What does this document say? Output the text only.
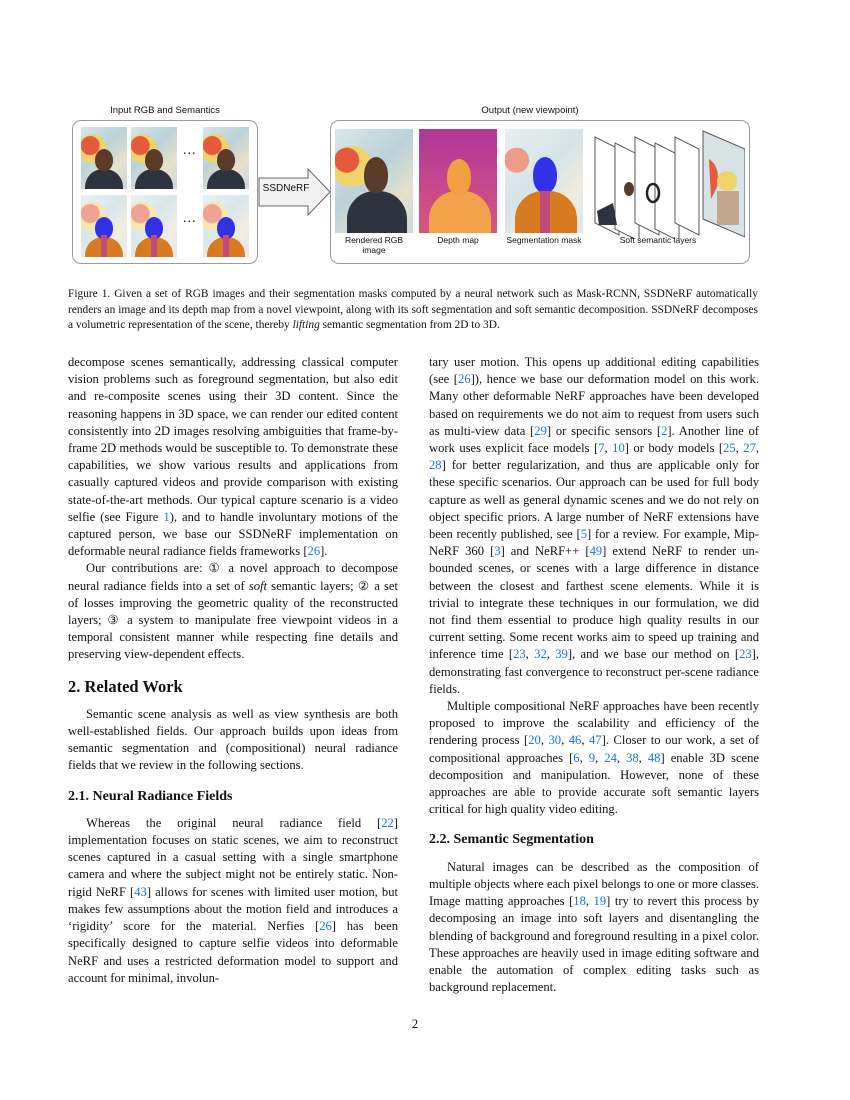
Input RGB and Semantics	Output (new viewpoint)
...
...
SSDNeRF
Rendered RGB image
Depth map	Segmentation mask	Soft semantic layers
Figure 1. Given a set of RGB images and their segmentation masks computed by a neural network such as Mask-RCNN, SSDNeRF automatically renders an image and its depth map from a novel viewpoint, along with its soft segmentation and soft semantic decomposition. SSDNeRF decomposes a volumetric representation of the scene, thereby lifting semantic segmentation from 2D to 3D.

decompose scenes semantically, addressing classical computer vision problems such as foreground segmentation, but also edit and re-composite scenes using their 3D content. Since the reasoning happens in 3D space, we can render our edited content consistently into 2D images resolving ambiguities that frame-by-frame 2D methods would be susceptible to. To demonstrate these capabilities, we show various results and applications from casually captured videos and provide comparison with existing state-of-the-art methods. Our typical capture scenario is a video selfie (see Figure 1), and to handle involuntary motions of the captured person, we base our SSDNeRF implementation on deformable neural radiance fields frameworks [26].

Our contributions are: ① a novel approach to decompose neural radiance fields into a set of soft semantic layers; ② a set of losses improving the geometric quality of the reconstructed layers; ③ a system to manipulate free viewpoint videos in a temporal consistent manner while respecting fine details and preserving view-dependent effects.

2. Related Work

Semantic scene analysis as well as view synthesis are both well-established fields. Our approach builds upon ideas from semantic segmentation and (compositional) neural radiance fields that we review in the following sections.

2.1. Neural Radiance Fields

Whereas the original neural radiance field [22] implementation focuses on static scenes, we aim to reconstruct scenes captured in a casual setting with a single smartphone camera and where the subject might not be entirely static. Non-rigid NeRF [43] allows for scenes with limited user motion, but makes few assumptions about the motion field and introduces a ‘rigidity’ score for the material. Nerfies [26] has been specifically designed to capture selfie videos into deformable NeRF and uses a restricted deformation model to support and account for minimal, involun-

tary user motion. This opens up additional editing capabilities (see [26]), hence we base our deformation model on this work. Many other deformable NeRF approaches have been developed based on requirements we do not aim to request from users such as multi-view data [29] or specific sensors [2]. Another line of work uses explicit face models [7, 10] or body models [25, 27, 28] for better regularization, and thus are applicable only for these specific scenarios. Our approach can be used for full body capture as well as general dynamic scenes and we do not rely on object specific priors. A large number of NeRF extensions have been recently published, see [5] for a review. For example, Mip-NeRF 360 [3] and NeRF++ [49] extend NeRF to render un-bounded scenes, or scenes with a large difference in distance between the closest and farthest scene elements. While it is trivial to integrate these techniques in our formulation, we did not find them essential to produce high quality results in our current setting. Some recent works aim to speed up training and inference time [23, 32, 39], and we base our method on [23], demonstrating fast convergence to reconstruct per-scene radiance fields.

Multiple compositional NeRF approaches have been recently proposed to improve the scalability and efficiency of the rendering process [20, 30, 46, 47]. Closer to our work, a set of compositional approaches [6, 9, 24, 38, 48] enable 3D scene decomposition and manipulation. However, none of these approaches are able to provide accurate soft semantic layers critical for high quality video editing.

2.2. Semantic Segmentation

Natural images can be described as the composition of multiple objects where each pixel belongs to one or more classes. Image matting approaches [18, 19] try to revert this process by decomposing an image into soft layers and disentangling the blending of background and foreground resulting in a pixel color. These approaches are heavily used in image editing software and enable the automation of complex editing tasks such as background replacement.

2
